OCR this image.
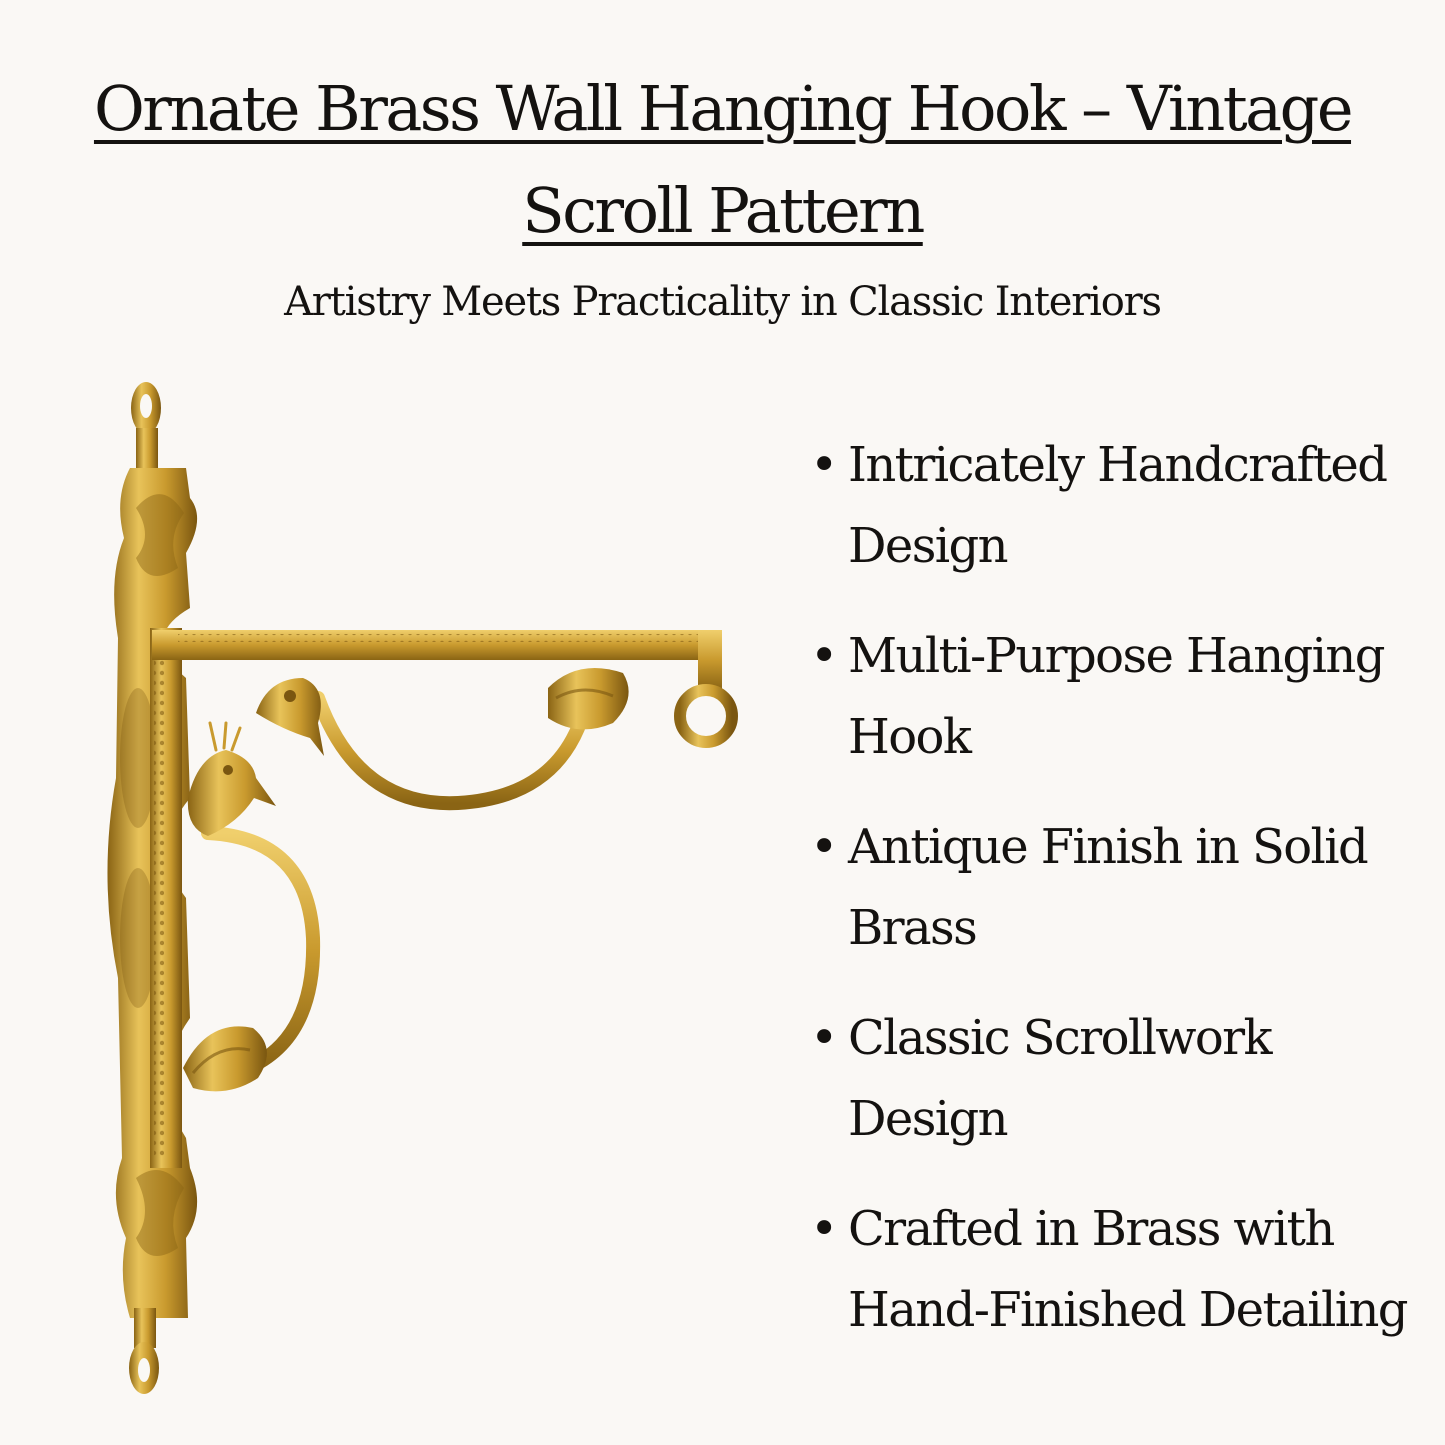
Ornate Brass Wall Hanging Hook – Vintage Scroll Pattern

Artistry Meets Practicality in Classic Interiors

• Intricately Handcrafted Design
• Multi-Purpose Hanging Hook
• Antique Finish in Solid Brass
• Classic Scrollwork Design
• Crafted in Brass with Hand-Finished Detailing
